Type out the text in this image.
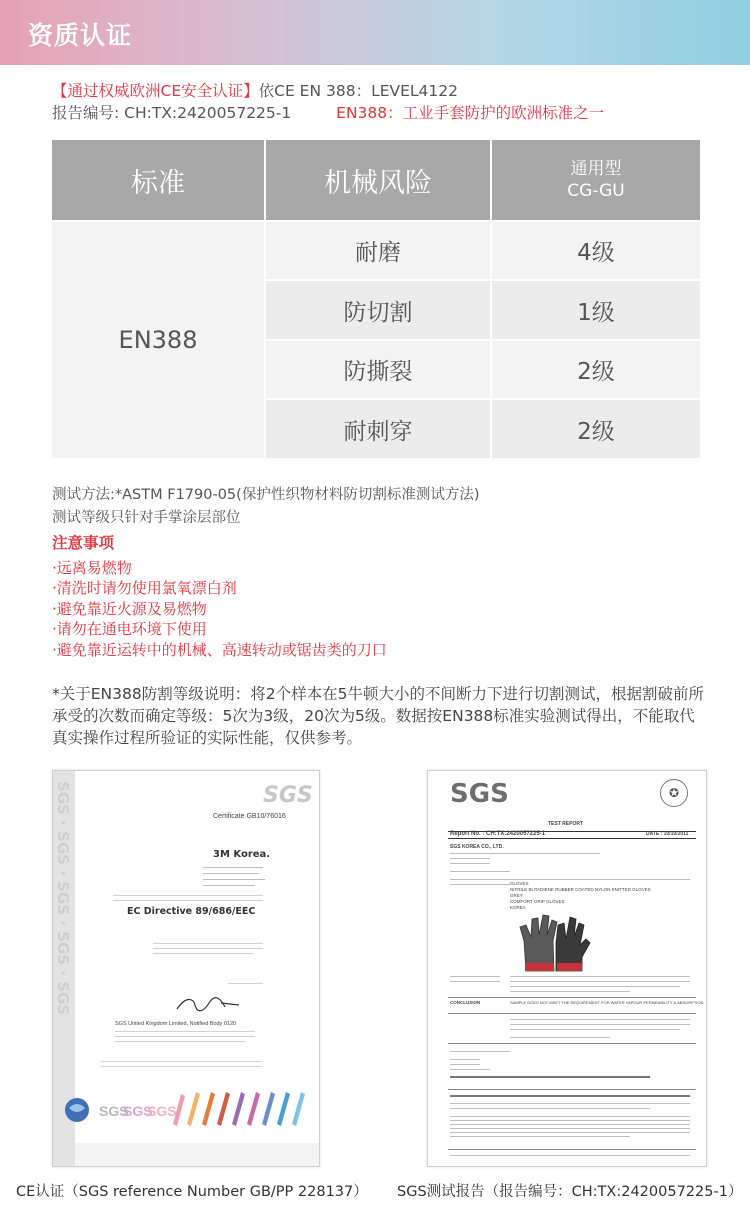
资质认证
【通过权威欧洲CE安全认证】依CE EN 388：LEVEL4122
报告编号: CH:TX:2420057225-1	EN388：工业手套防护的欧洲标准之一
标准	机械风险	通用型
CG-GU
EN388
耐磨	4级
防切割	1级
防撕裂	2级
耐刺穿	2级
测试方法:*ASTM F1790-05(保护性织物材料防切割标准测试方法)
测试等级只针对手掌涂层部位
注意事项
·远离易燃物
·清洗时请勿使用氯氧漂白剂
·避免靠近火源及易燃物
·请勿在通电环境下使用
·避免靠近运转中的机械、高速转动或锯齿类的刀口
*关于EN388防割等级说明：将2个样本在5牛顿大小的不间断力下进行切割测试，根据割破前所承受的次数而确定等级：5次为3级，20次为5级。数据按EN388标准实验测试得出，不能取代真实操作过程所验证的实际性能，仅供参考。
SGS · SGS · SGS · SGS · SGS	SGS
Certificate GB10/76016
3M Korea.
EC Directive 89/686/EEC
SGS United Kingdom Limited, Notified Body 0120
SGS
SGS
SGS
SGS	✪
TEST REPORT
Report No. : CH:TX:2420057225-1	DATE : 10/10/2011
SGS KOREA CO., LTD.
GLOVES
NITRILE BUTADIENE RUBBER COATED NYLON KNITTED GLOVES
GREY
COMFORT GRIP GLOVES
KOREA
CONCLUSION	SAMPLE DOES NOT MEET THE REQUIREMENT FOR WATER VAPOUR PERMEABILITY & ABSORPTION
CE认证（SGS reference Number GB/PP 228137） SGS测试报告（报告编号：CH:TX:2420057225-1）
